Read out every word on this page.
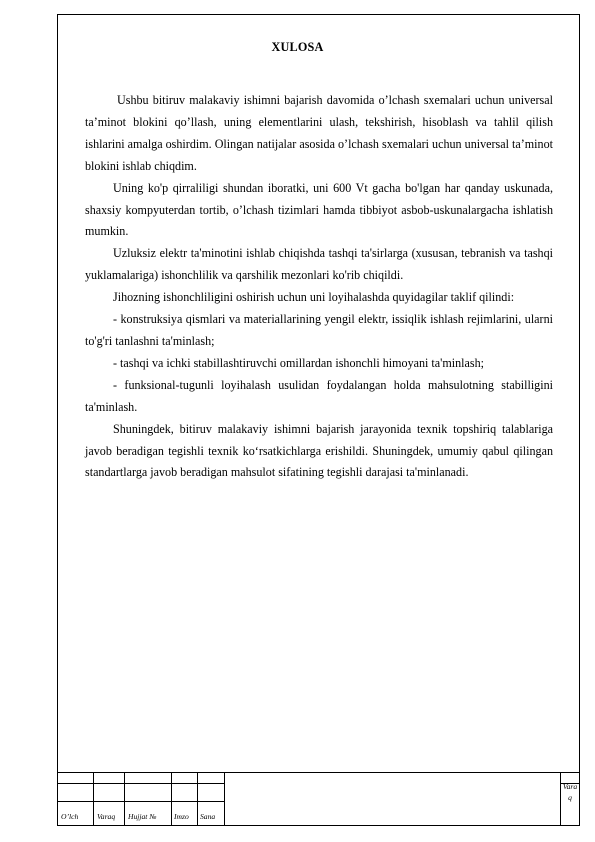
XULOSA

Ushbu bitiruv malakaviy ishimni bajarish davomida o’lchash sxemalari uchun universal ta’minot blokini qo’llash, uning elementlarini ulash, tekshirish, hisoblash va tahlil qilish ishlarini amalga oshirdim. Olingan natijalar asosida o’lchash sxemalari uchun universal ta’minot blokini ishlab chiqdim.

Uning ko'p qirraliligi shundan iboratki, uni 600 Vt gacha bo'lgan har qanday uskunada, shaxsiy kompyuterdan tortib, o’lchash tizimlari hamda tibbiyot asbob-uskunalargacha ishlatish mumkin.

Uzluksiz elektr ta'minotini ishlab chiqishda tashqi ta'sirlarga (xususan, tebranish va tashqi yuklamalariga) ishonchlilik va qarshilik mezonlari ko'rib chiqildi.

Jihozning ishonchliligini oshirish uchun uni loyihalashda quyidagilar taklif qilindi:

- konstruksiya qismlari va materiallarining yengil elektr, issiqlik ishlash rejimlarini, ularni to'g'ri tanlashni ta'minlash;

- tashqi va ichki stabillashtiruvchi omillardan ishonchli himoyani ta'minlash;

- funksional-tugunli loyihalash usulidan foydalangan holda mahsulotning stabilligini ta'minlash.

Shuningdek, bitiruv malakaviy ishimni bajarish jarayonida texnik topshiriq talablariga javob beradigan tegishli texnik ko‘rsatkichlarga erishildi. Shuningdek, umumiy qabul qilingan standartlarga javob beradigan mahsulot sifatining tegishli darajasi ta'minlanadi.

O’lch Varaq Hujjat № Imzo Sana
Vara
q
